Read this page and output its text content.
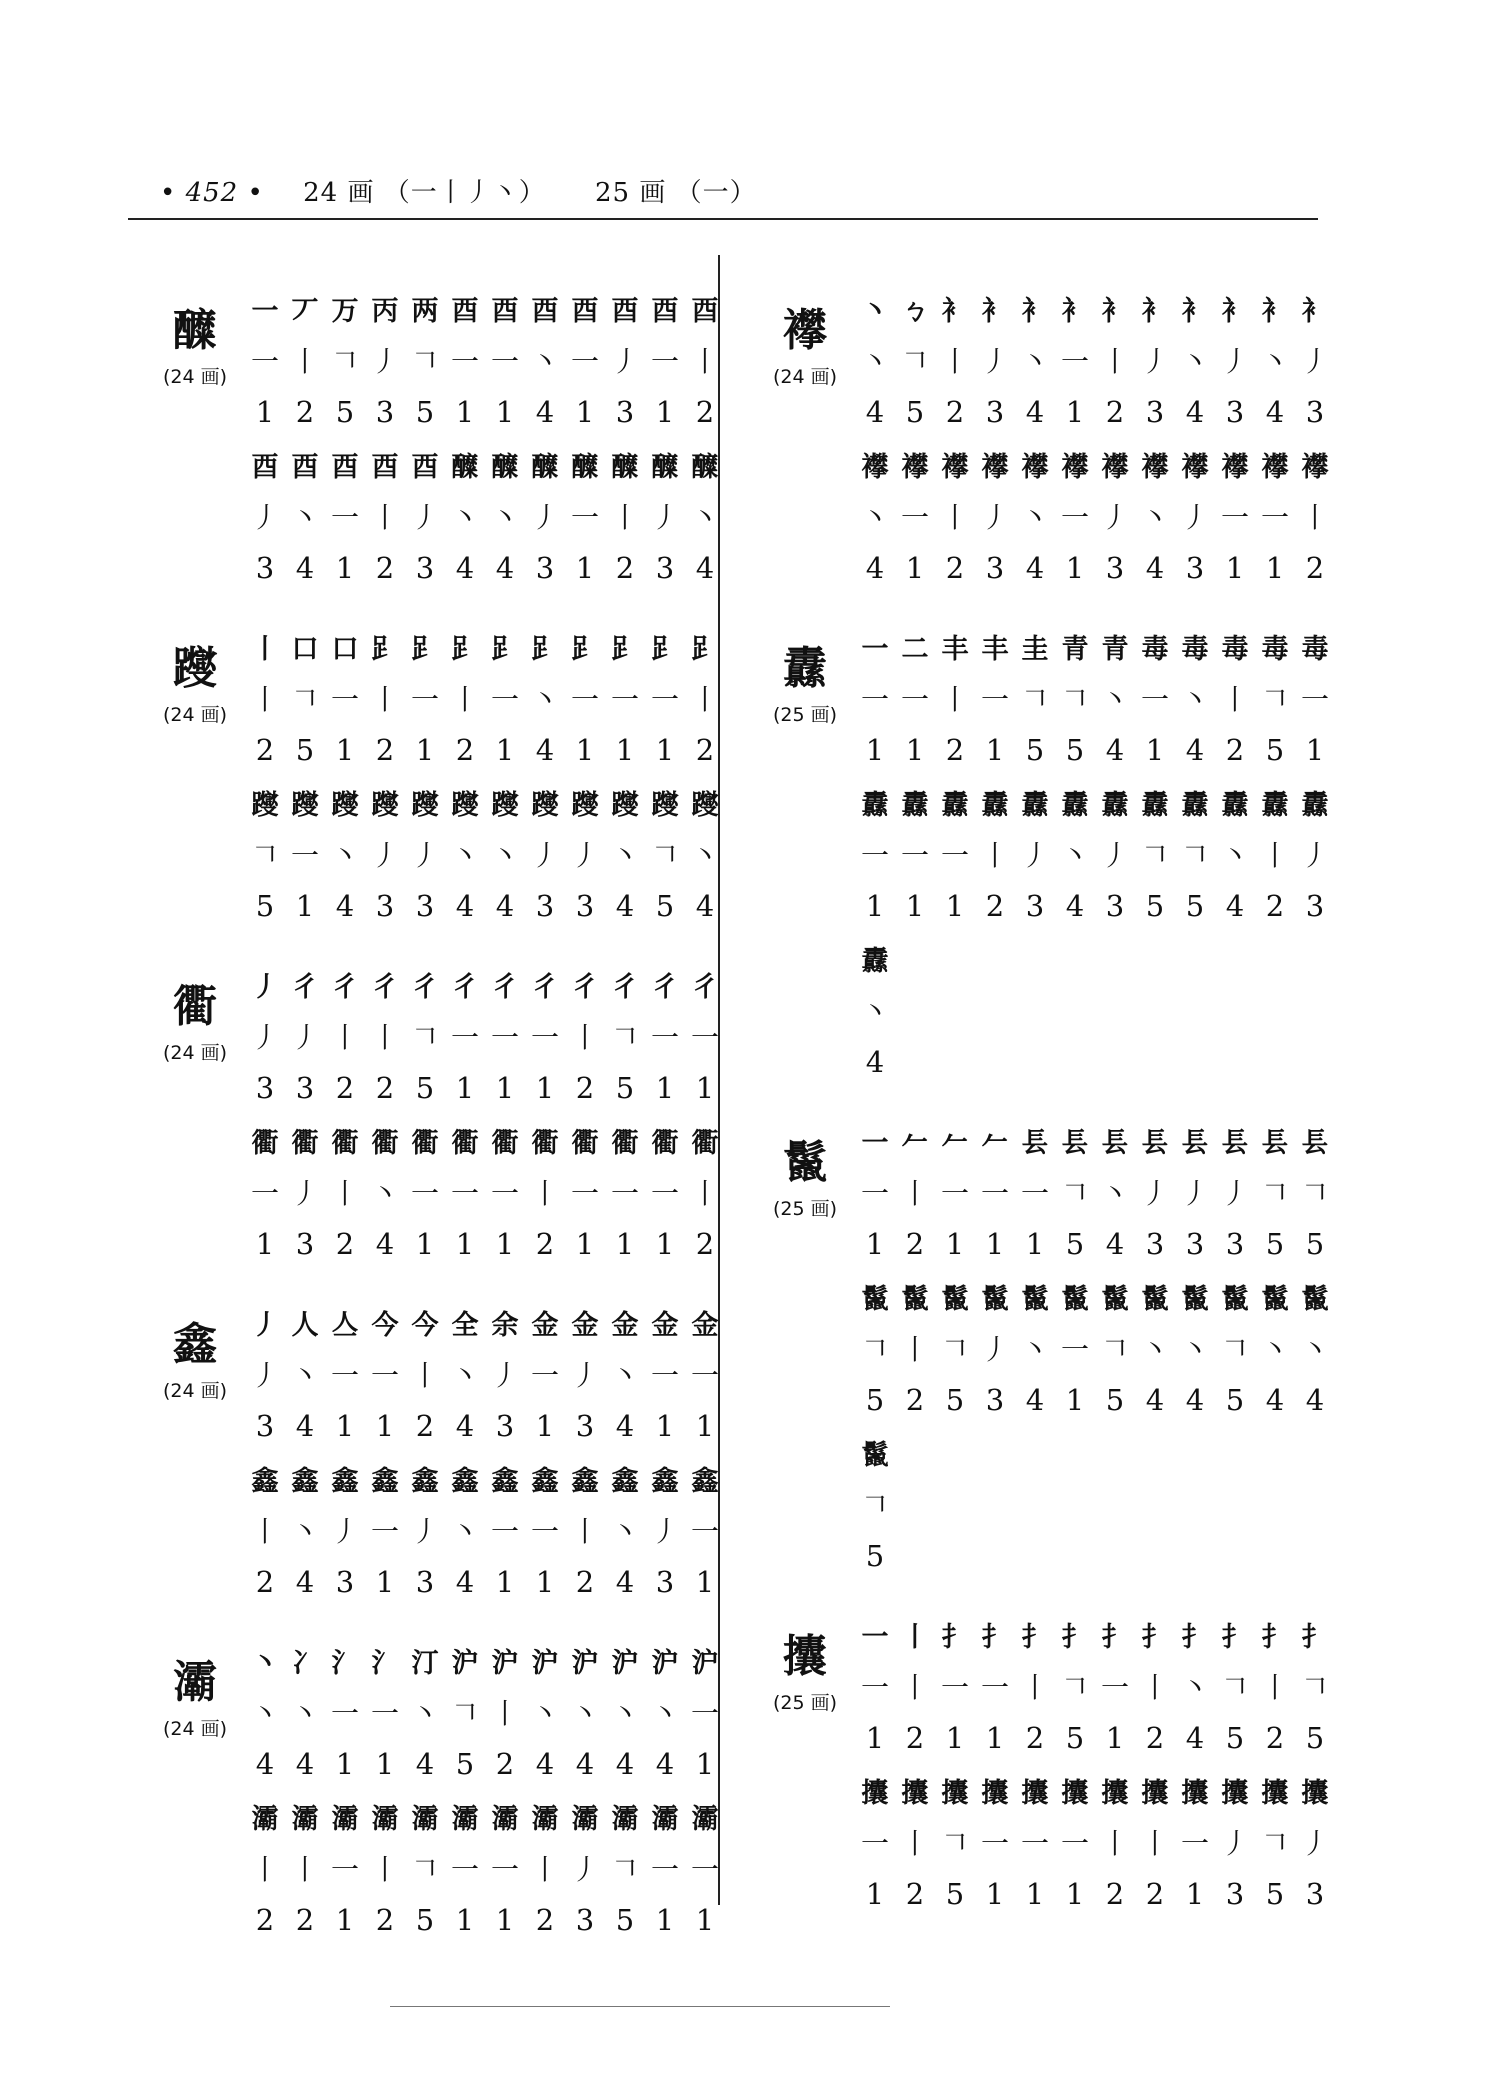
• 452 • 24 画 （一丨丿丶） 25 画 （一）
醾
(24 画)
一 丆 万 丙 两 酉 酉 酉 酉 酉 酉 酉
一 丨 𠃍 丿 𠃍 一 一 丶 一 丿 一 丨
1 2 5 3 5 1 1 4 1 3 1 2
酉 酉 酉 酉 酉 醾 醾 醾 醾 醾 醾 醾
丿 丶 一 丨 丿 丶 丶 丿 一 丨 丿 丶
3 4 1 2 3 4 4 3 1 2 3 4
躞
(24 画)
丨 口 口 𧾷 𧾷 𧾷 𧾷 𧾷 𧾷 𧾷 𧾷 𧾷
丨 𠃍 一 丨 一 丨 一 丶 一 一 一 丨
2 5 1 2 1 2 1 4 1 1 1 2
躞 躞 躞 躞 躞 躞 躞 躞 躞 躞 躞 躞
𠃍 一 丶 丿 丿 丶 丶 丿 丿 丶 𠃍 丶
5 1 4 3 3 4 4 3 3 4 5 4
衢
(24 画)
丿 彳 彳 彳 彳 彳 彳 彳 彳 彳 彳 彳
丿 丿 丨 丨 𠃍 一 一 一 丨 𠃍 一 一
3 3 2 2 5 1 1 1 2 5 1 1
衢 衢 衢 衢 衢 衢 衢 衢 衢 衢 衢 衢
一 丿 丨 丶 一 一 一 丨 一 一 一 丨
1 3 2 4 1 1 1 2 1 1 1 2
鑫
(24 画)
丿 人 亼 今 今 全 余 金 金 金 金 金
丿 丶 一 一 丨 丶 丿 一 丿 丶 一 一
3 4 1 1 2 4 3 1 3 4 1 1
鑫 鑫 鑫 鑫 鑫 鑫 鑫 鑫 鑫 鑫 鑫 鑫
丨 丶 丿 一 丿 丶 一 一 丨 丶 丿 一
2 4 3 1 3 4 1 1 2 4 3 1
灞
(24 画)
丶 冫 氵 氵 汀 沪 沪 沪 沪 沪 沪 沪
丶 丶 一 一 丶 𠃍 丨 丶 丶 丶 丶 一
4 4 1 1 4 5 2 4 4 4 4 1
灞 灞 灞 灞 灞 灞 灞 灞 灞 灞 灞 灞
丨 丨 一 丨 𠃍 一 一 丨 丿 𠃍 一 一
2 2 1 2 5 1 1 2 3 5 1 1
襻
(24 画)
丶 ㄅ 衤 衤 衤 衤 衤 衤 衤 衤 衤 衤
丶 𠃍 丨 丿 丶 一 丨 丿 丶 丿 丶 丿
4 5 2 3 4 1 2 3 4 3 4 3
襻 襻 襻 襻 襻 襻 襻 襻 襻 襻 襻 襻
丶 一 丨 丿 丶 一 丿 丶 丿 一 一 丨
4 1 2 3 4 1 3 4 3 1 1 2
纛
(25 画)
一 二 丰 丰 圭 青 青 毒 毒 毒 毒 毒
一 一 丨 一 𠃍 𠃍 丶 一 丶 丨 𠃍 一
1 1 2 1 5 5 4 1 4 2 5 1
纛 纛 纛 纛 纛 纛 纛 纛 纛 纛 纛 纛
一 一 一 丨 丿 丶 丿 𠃍 𠃍 丶 丨 丿
1 1 1 2 3 4 3 5 5 4 2 3
纛
丶
4
鬣
(25 画)
一 𠂉 𠂉 𠂉 镸 镸 镸 镸 镸 镸 镸 镸
一 丨 一 一 一 𠃍 丶 丿 丿 丿 𠃍 𠃍
1 2 1 1 1 5 4 3 3 3 5 5
鬣 鬣 鬣 鬣 鬣 鬣 鬣 鬣 鬣 鬣 鬣 鬣
𠃍 丨 𠃍 丿 丶 一 𠃍 丶 丶 𠃍 丶 丶
5 2 5 3 4 1 5 4 4 5 4 4
鬣
𠃍
5
攮
(25 画)
一 丨 扌 扌 扌 扌 扌 扌 扌 扌 扌 扌
一 丨 一 一 丨 𠃍 一 丨 丶 𠃍 丨 𠃍
1 2 1 1 2 5 1 2 4 5 2 5
攮 攮 攮 攮 攮 攮 攮 攮 攮 攮 攮 攮
一 丨 𠃍 一 一 一 丨 丨 一 丿 𠃍 丿
1 2 5 1 1 1 2 2 1 3 5 3
